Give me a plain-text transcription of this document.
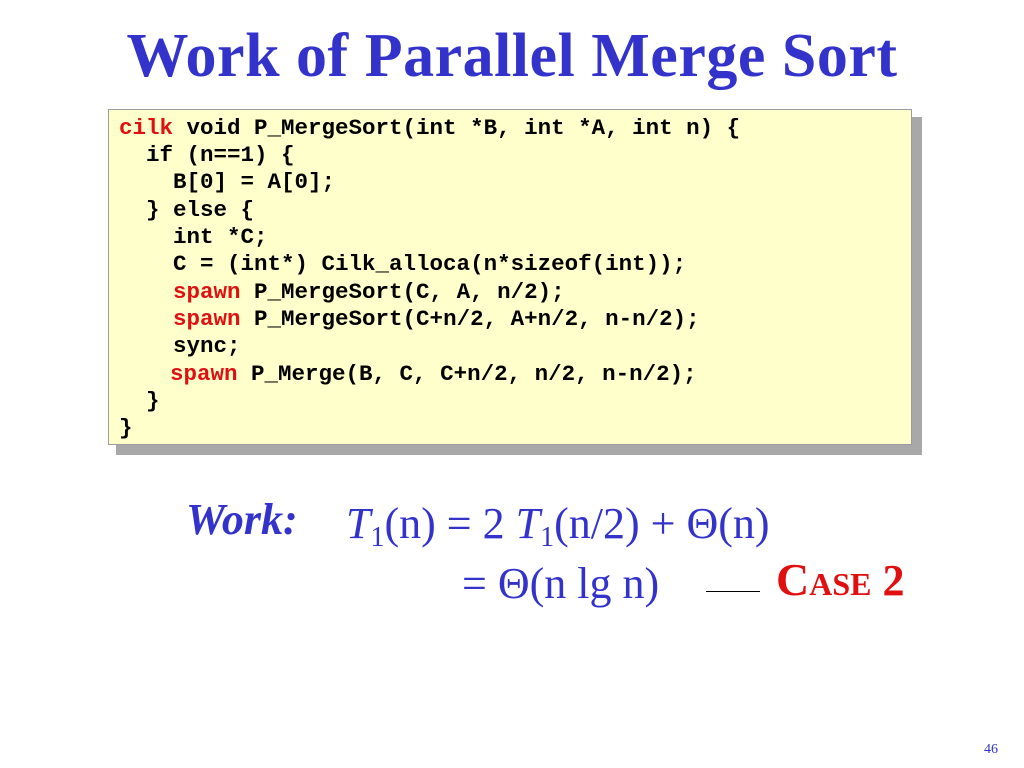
Work of Parallel Merge Sort
cilk void P_MergeSort(int *B, int *A, int n) {
if (n==1) {
B[0] = A[0];
} else {
int *C;
C = (int*) Cilk_alloca(n*sizeof(int));
spawn P_MergeSort(C, A, n/2);
spawn P_MergeSort(C+n/2, A+n/2, n-n/2);
sync;
spawn P_Merge(B, C, C+n/2, n/2, n-n/2);
}
}
Work: $T_1(n) = 2$ $T_1(n/2) + \Theta(n)$
= Θ(n lg n)	CASE 2
46
